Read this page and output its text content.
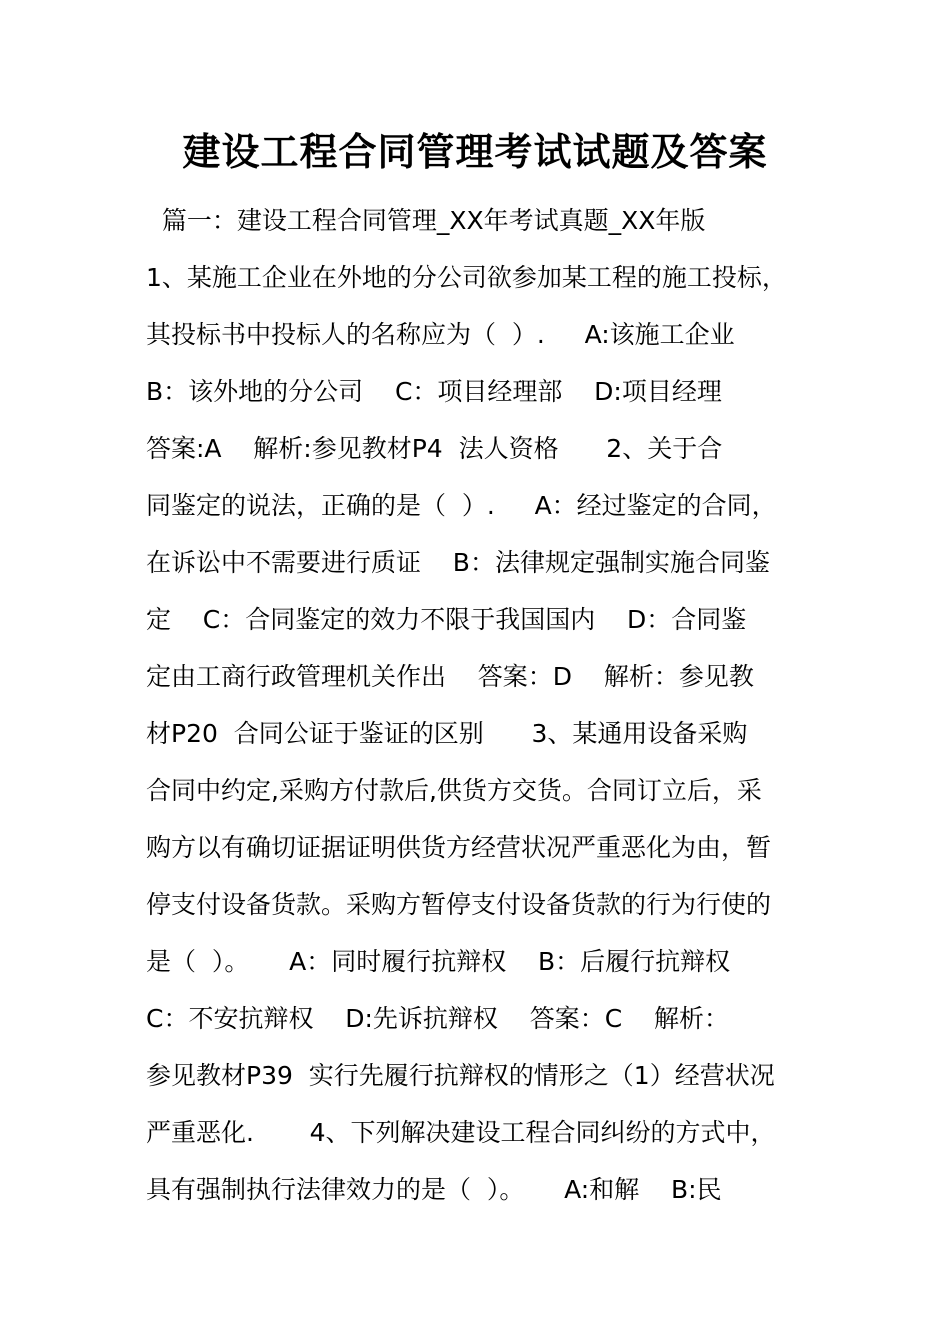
建设工程合同管理考试试题及答案
篇一：建设工程合同管理_XX年考试真题_XX年版
1、某施工企业在外地的分公司欲参加某工程的施工投标，
其投标书中投标人的名称应为（  ）.     A:该施工企业
B：该外地的分公司    C：项目经理部    D:项目经理
答案:A    解析:参见教材P4  法人资格      2、关于合
同鉴定的说法，正确的是（  ）.     A：经过鉴定的合同，
在诉讼中不需要进行质证    B：法律规定强制实施合同鉴
定    C：合同鉴定的效力不限于我国国内    D：合同鉴
定由工商行政管理机关作出    答案：D    解析：参见教
材P20  合同公证于鉴证的区别      3、某通用设备采购
合同中约定,采购方付款后,供货方交货。合同订立后，采
购方以有确切证据证明供货方经营状况严重恶化为由，暂
停支付设备货款。采购方暂停支付设备货款的行为行使的
是（  ）。     A：同时履行抗辩权    B：后履行抗辩权
C：不安抗辩权    D:先诉抗辩权    答案：C    解析：
参见教材P39  实行先履行抗辩权的情形之（1）经营状况
严重恶化.       4、下列解决建设工程合同纠纷的方式中，
具有强制执行法律效力的是（  ）。     A:和解    B:民
